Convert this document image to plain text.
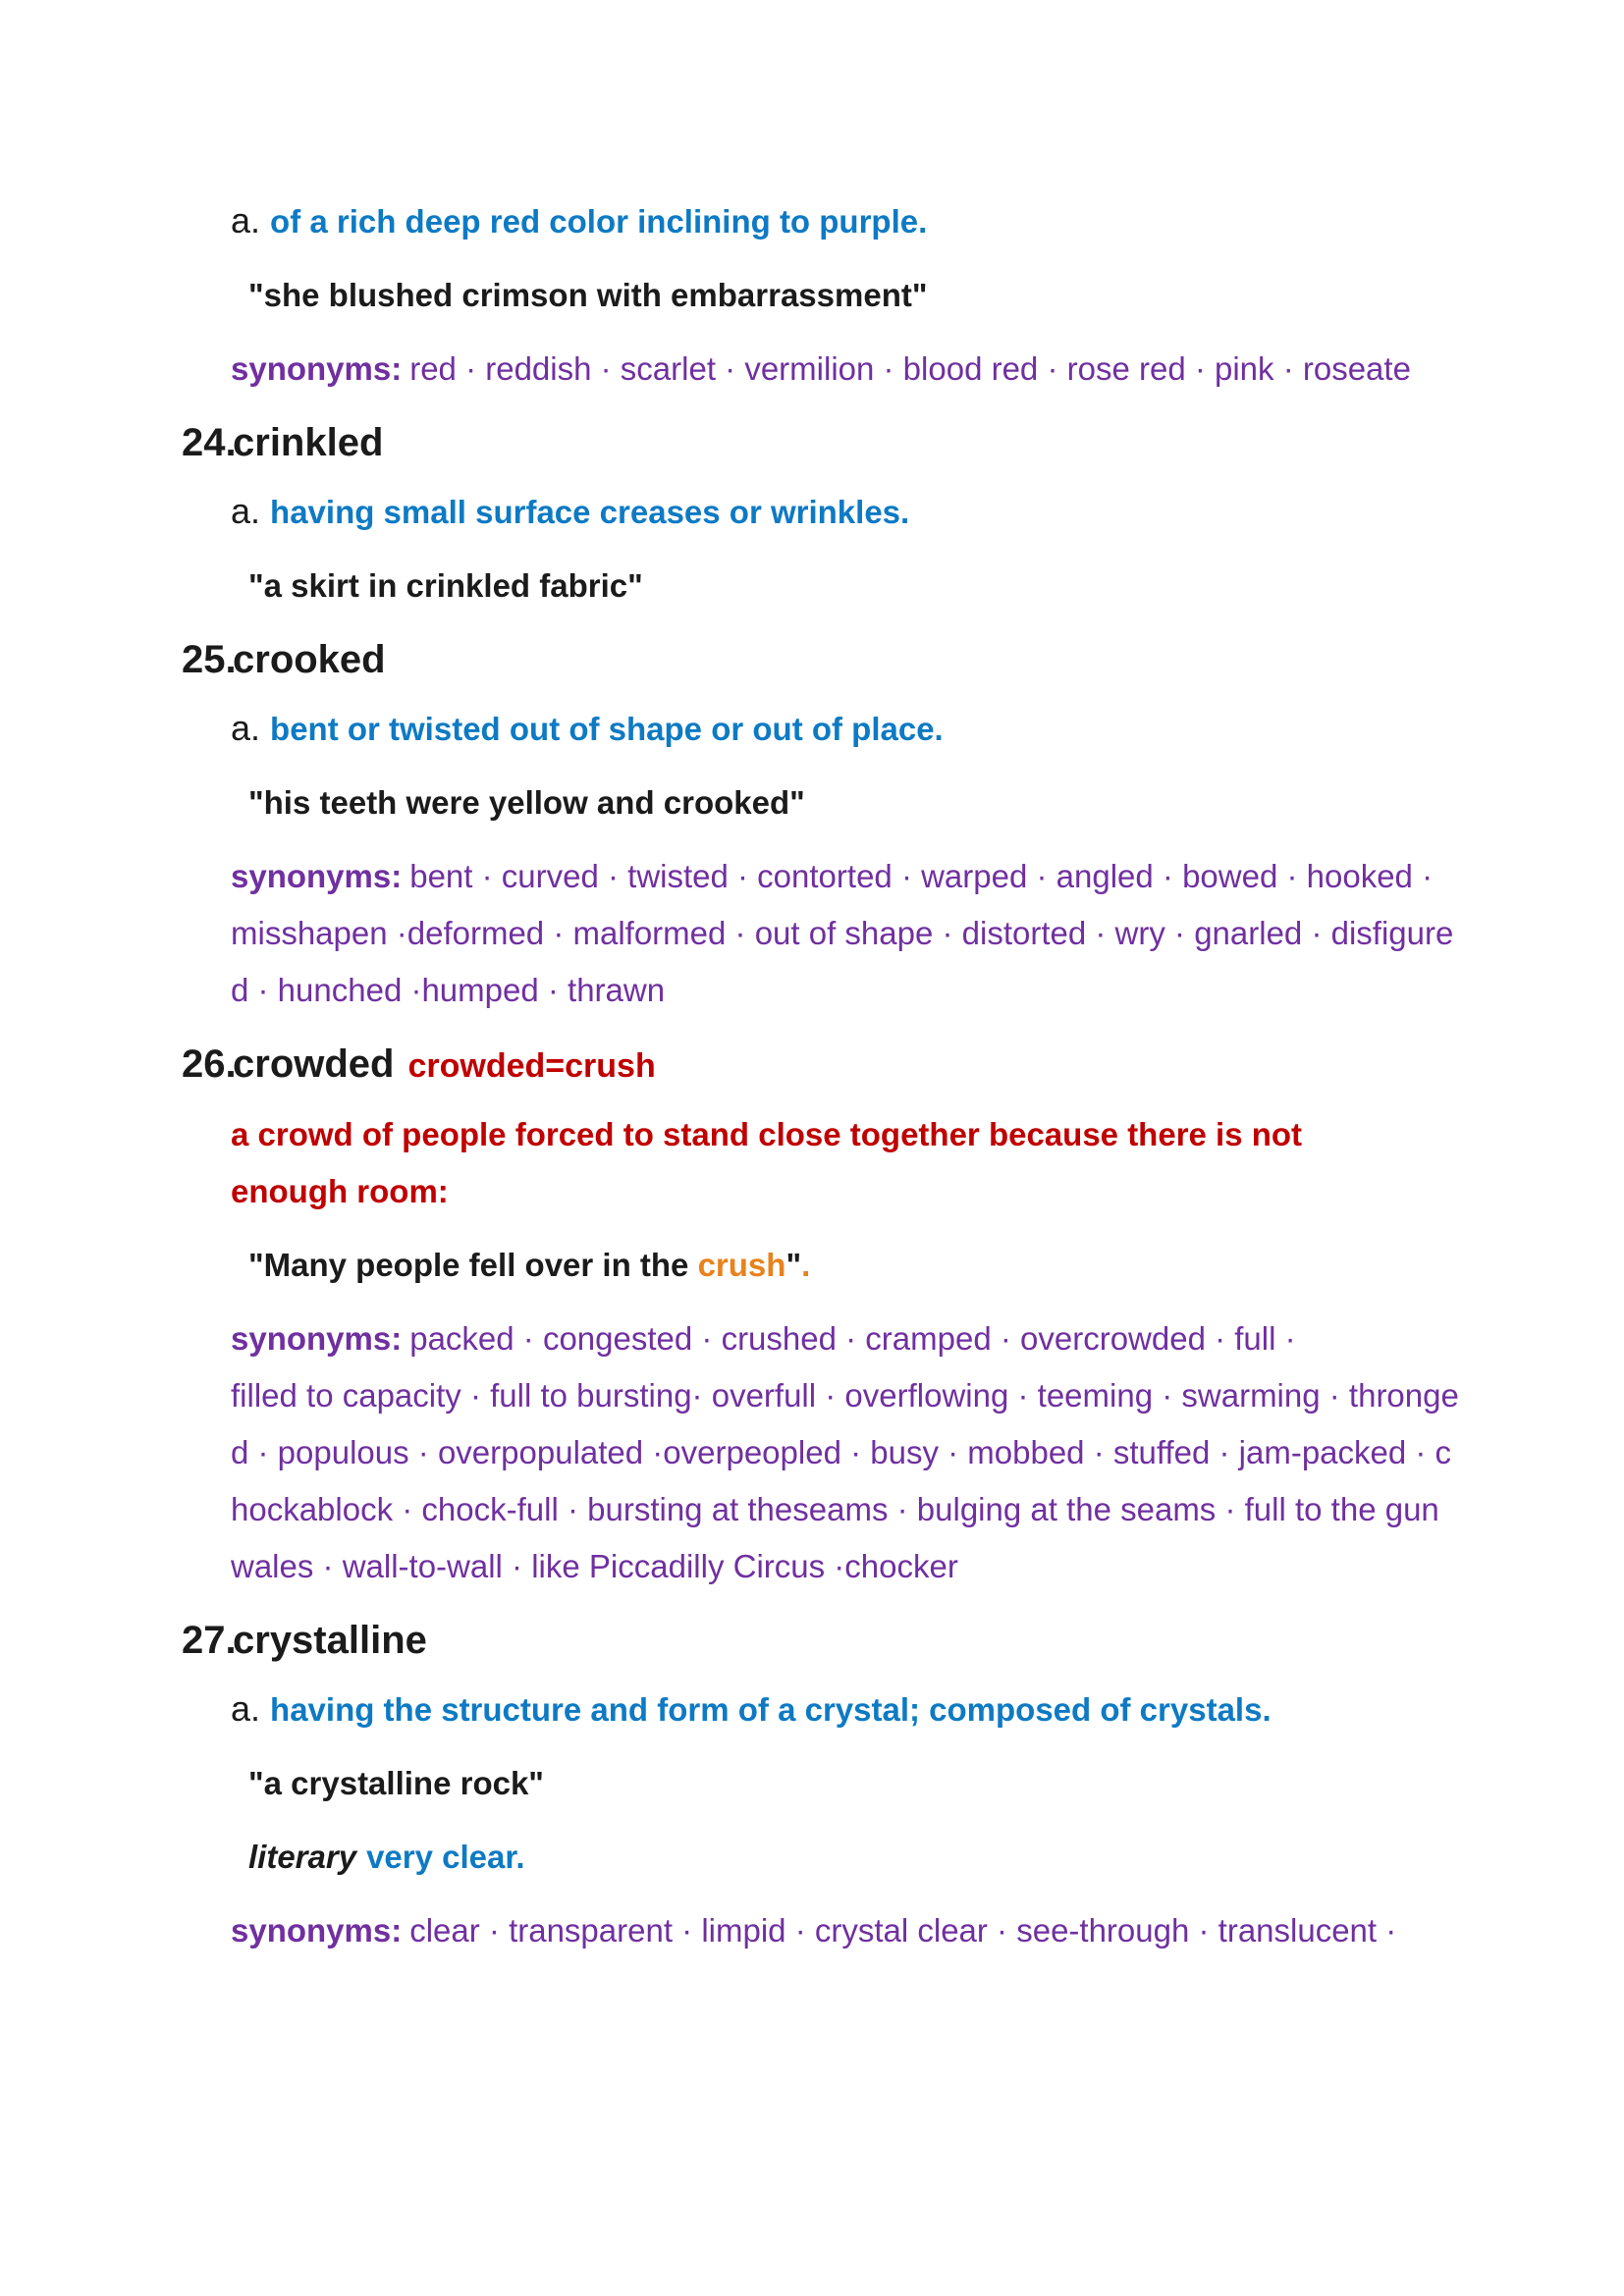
a. of a rich deep red color inclining to purple.

"she blushed crimson with embarrassment"

synonyms: red · reddish · scarlet · vermilion · blood red · rose red · pink · roseate

24.crinkled

a. having small surface creases or wrinkles.

"a skirt in crinkled fabric"

25.crooked

a. bent or twisted out of shape or out of place.

"his teeth were yellow and crooked"

synonyms: bent · curved · twisted · contorted · warped · angled · bowed · hooked ·

misshapen ·deformed · malformed · out of shape · distorted · wry · gnarled · disfigure

d · hunched ·humped · thrawn

26.crowded crowded=crush

a crowd of people forced to stand close together because there is not

enough room:

"Many people fell over in the crush".

synonyms: packed · congested · crushed · cramped · overcrowded · full ·

filled to capacity · full to bursting· overfull · overflowing · teeming · swarming · thronge

d · populous · overpopulated ·overpeopled · busy · mobbed · stuffed · jam-packed · c

hockablock · chock-full · bursting at theseams · bulging at the seams · full to the gun

wales · wall-to-wall · like Piccadilly Circus ·chocker

27.crystalline

a. having the structure and form of a crystal; composed of crystals.

"a crystalline rock"

literary very clear.

synonyms: clear · transparent · limpid · crystal clear · see-through · translucent ·
